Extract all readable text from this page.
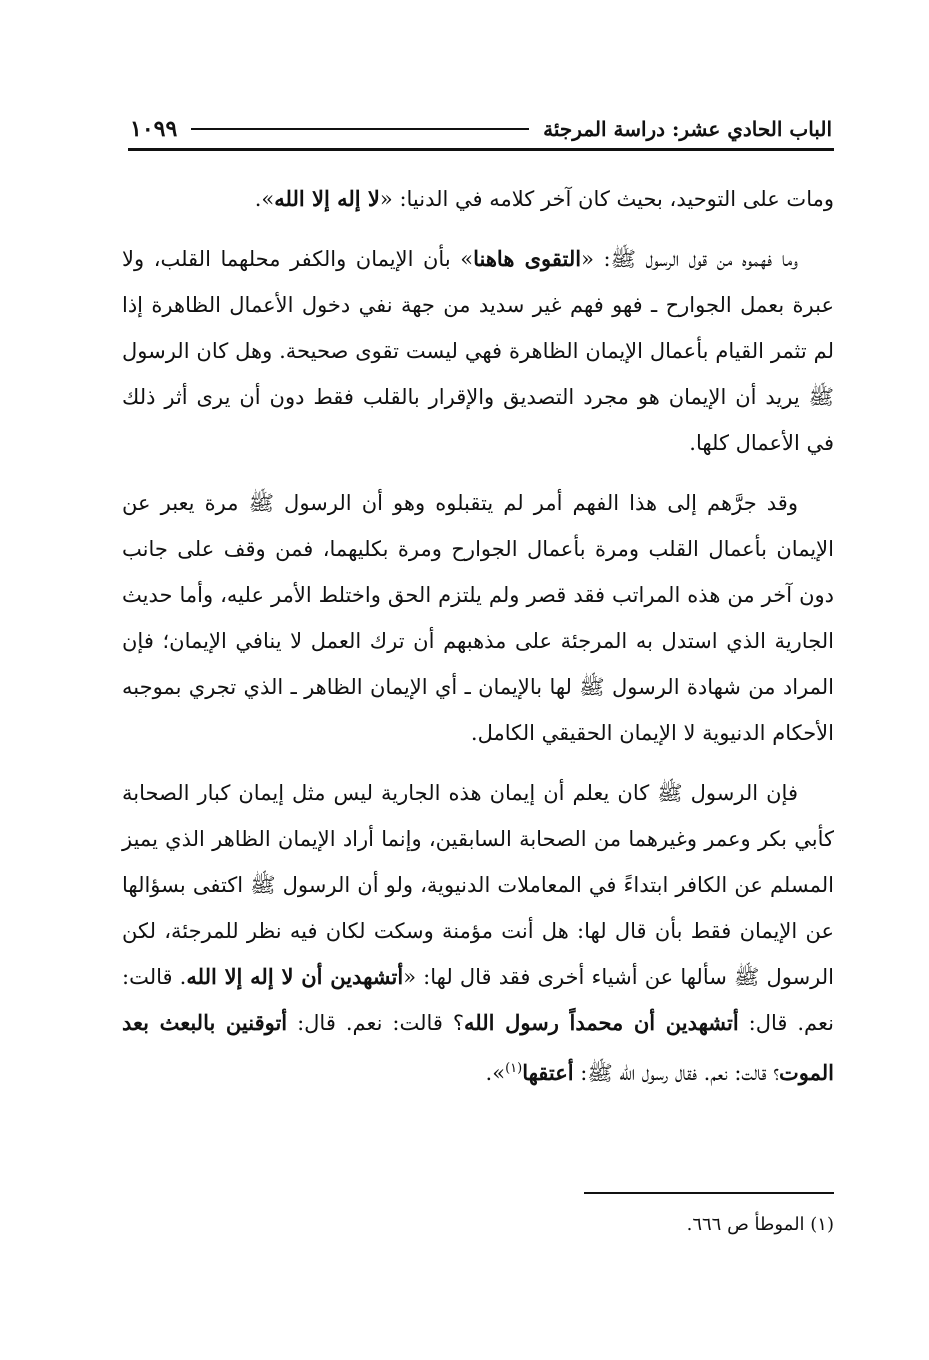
الباب الحادي عشر: دراسة المرجئة
١٠٩٩

ومات على التوحيد، بحيث كان آخر كلامه في الدنيا: «لا إله إلا الله».

وما فهموه من قول الرسول ﷺ: «التقوى هاهنا» بأن الإيمان والكفر محلهما القلب، ولا عبرة بعمل الجوارح ـ فهو فهم غير سديد من جهة نفي دخول الأعمال الظاهرة إذا لم تثمر القيام بأعمال الإيمان الظاهرة فهي ليست تقوى صحيحة. وهل كان الرسول ﷺ يريد أن الإيمان هو مجرد التصديق والإقرار بالقلب فقط دون أن يرى أثر ذلك في الأعمال كلها.

وقد جرَّهم إلى هذا الفهم أمر لم يتقبلوه وهو أن الرسول ﷺ مرة يعبر عن الإيمان بأعمال القلب ومرة بأعمال الجوارح ومرة بكليهما، فمن وقف على جانب دون آخر من هذه المراتب فقد قصر ولم يلتزم الحق واختلط الأمر عليه، وأما حديث الجارية الذي استدل به المرجئة على مذهبهم أن ترك العمل لا ينافي الإيمان؛ فإن المراد من شهادة الرسول ﷺ لها بالإيمان ـ أي الإيمان الظاهر ـ الذي تجري بموجبه الأحكام الدنيوية لا الإيمان الحقيقي الكامل.

فإن الرسول ﷺ كان يعلم أن إيمان هذه الجارية ليس مثل إيمان كبار الصحابة كأبي بكر وعمر وغيرهما من الصحابة السابقين، وإنما أراد الإيمان الظاهر الذي يميز المسلم عن الكافر ابتداءً في المعاملات الدنيوية، ولو أن الرسول ﷺ اكتفى بسؤالها عن الإيمان فقط بأن قال لها: هل أنت مؤمنة وسكت لكان فيه نظر للمرجئة، لكن الرسول ﷺ سألها عن أشياء أخرى فقد قال لها: «أتشهدين أن لا إله إلا الله. قالت: نعم. قال: أتشهدين أن محمداً رسول الله؟ قالت: نعم. قال: أتوقنين بالبعث بعد الموت؟ قالت: نعم. فقال رسول الله ﷺ: أعتقها$^{(١)}$».

(١) الموطأ ص ٦٦٦.
